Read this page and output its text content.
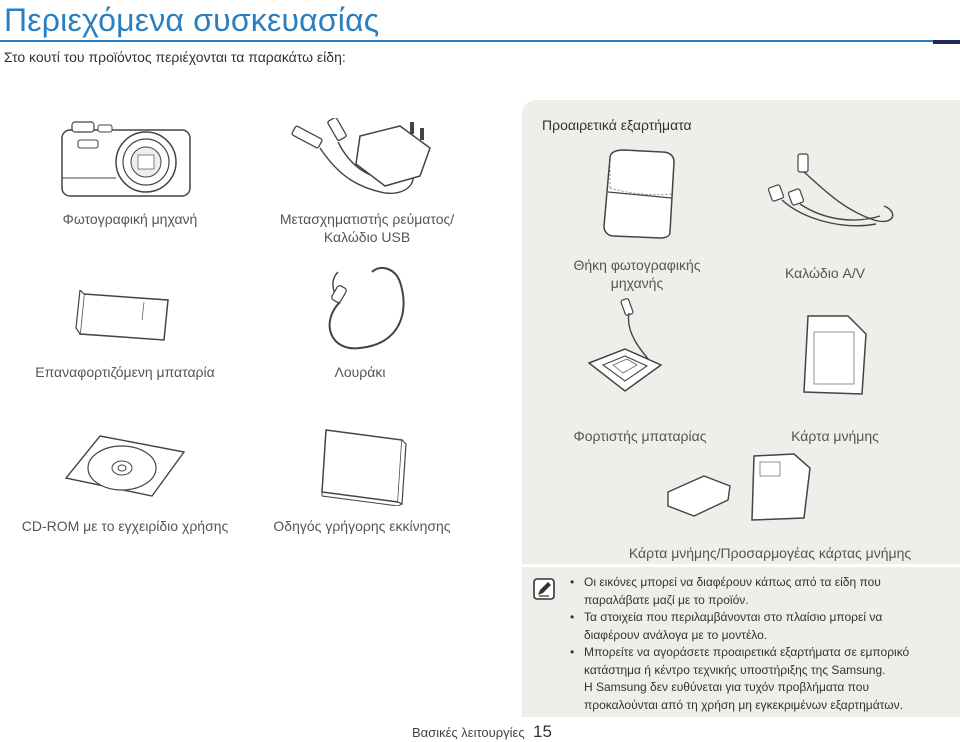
Περιεχόμενα συσκευασίας
Στο κουτί του προϊόντος περιέχονται τα παρακάτω είδη:
Προαιρετικά εξαρτήματα
Φωτογραφική μηχανή	Μετασχηματιστής ρεύματος/
Καλώδιο USB
Επαναφορτιζόμενη μπαταρία	Λουράκι
CD-ROM με το εγχειρίδιο χρήσης	Οδηγός γρήγορης εκκίνησης
Θήκη φωτογραφικής
μηχανής
Καλώδιο A/V
Φορτιστής μπαταρίας	Κάρτα μνήμης
Κάρτα μνήμης/Προσαρμογέας κάρτας μνήμης
• Οι εικόνες μπορεί να διαφέρουν κάπως από τα είδη που
παραλάβατε μαζί με το προϊόν.
• Τα στοιχεία που περιλαμβάνονται στο πλαίσιο μπορεί να
διαφέρουν ανάλογα με το μοντέλο.
• Μπορείτε να αγοράσετε προαιρετικά εξαρτήματα σε εμπορικό
κατάστημα ή κέντρο τεχνικής υποστήριξης της Samsung.
Η Samsung δεν ευθύνεται για τυχόν προβλήματα που
προκαλούνται από τη χρήση μη εγκεκριμένων εξαρτημάτων.
Βασικές λειτουργίες 15
